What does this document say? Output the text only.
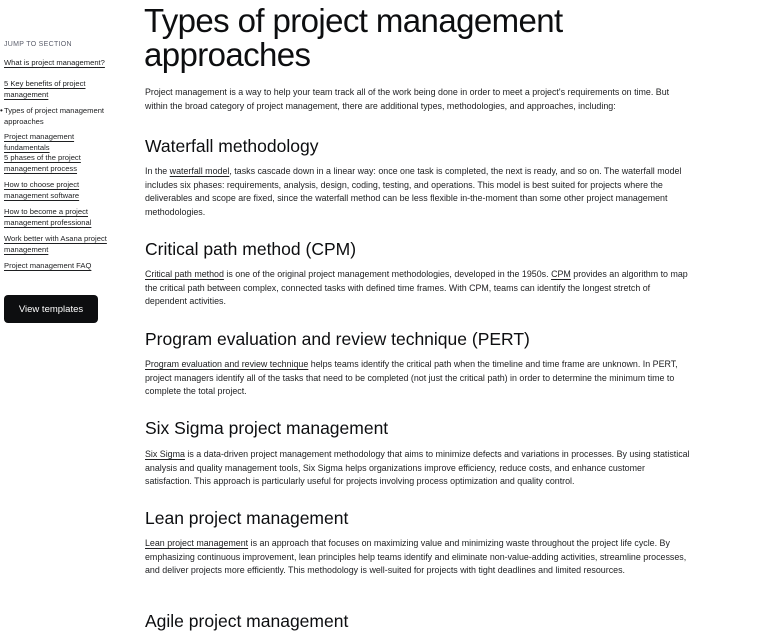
JUMP TO SECTION
What is project management?
5 Key benefits of project management
• Types of project management approaches
Project management fundamentals
5 phases of the project management process
How to choose project management software
How to become a project management professional
Work better with Asana project management
Project management FAQ
View templates
Types of project management approaches

Project management is a way to help your team track all of the work being done in order to meet a project's requirements on time. But within the broad category of project management, there are additional types, methodologies, and approaches, including:

Waterfall methodology

In the waterfall model, tasks cascade down in a linear way: once one task is completed, the next is ready, and so on. The waterfall model includes six phases: requirements, analysis, design, coding, testing, and operations. This model is best suited for projects where the deliverables and scope are fixed, since the waterfall method can be less flexible in-the-moment than some other project management methodologies.

Critical path method (CPM)

Critical path method is one of the original project management methodologies, developed in the 1950s. CPM provides an algorithm to map the critical path between complex, connected tasks with defined time frames. With CPM, teams can identify the longest stretch of dependent activities.

Program evaluation and review technique (PERT)

Program evaluation and review technique helps teams identify the critical path when the timeline and time frame are unknown. In PERT, project managers identify all of the tasks that need to be completed (not just the critical path) in order to determine the minimum time to complete the total project.

Six Sigma project management

Six Sigma is a data-driven project management methodology that aims to minimize defects and variations in processes. By using statistical analysis and quality management tools, Six Sigma helps organizations improve efficiency, reduce costs, and enhance customer satisfaction. This approach is particularly useful for projects involving process optimization and quality control.

Lean project management

Lean project management is an approach that focuses on maximizing value and minimizing waste throughout the project life cycle. By emphasizing continuous improvement, lean principles help teams identify and eliminate non-value-adding activities, streamline processes, and deliver projects more efficiently. This methodology is well-suited for projects with tight deadlines and limited resources.

Agile project management
